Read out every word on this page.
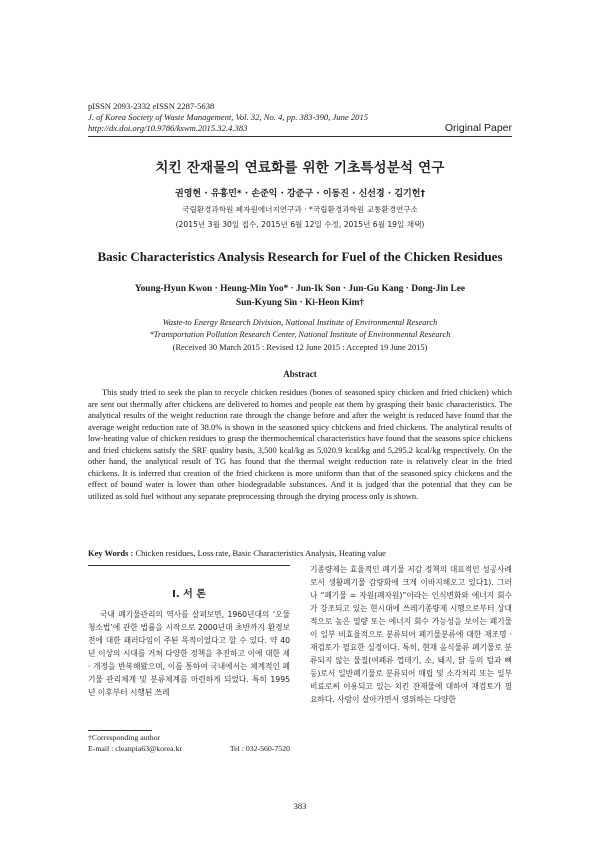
pISSN 2093-2332 eISSN 2287-5638
J. of Korea Society of Waste Management, Vol. 32, No. 4, pp. 383-390, June 2015
http://dx.doi.org/10.9786/kswm.2015.32.4.383	Original Paper
치킨 잔재물의 연료화를 위한 기초특성분석 연구
권영현 · 유흥민* · 손준익 · 강준구 · 이동진 · 신선경 · 김기헌†
국립환경과학원 폐자원에너지연구과 · *국립환경과학원 교통환경연구소
(2015년 3월 30일 접수, 2015년 6월 12일 수정, 2015년 6월 19일 채택)
Basic Characteristics Analysis Research for Fuel of the Chicken Residues
Young-Hyun Kwon · Heung-Min Yoo* · Jun-Ik Son · Jun-Gu Kang · Dong-Jin Lee
Sun-Kyung Sin · Ki-Heon Kim†
Waste-to Energy Research Division, National Institute of Environmental Research
*Transportation Pollution Research Center, National Institute of Environmental Research
(Received 30 March 2015 : Revised 12 June 2015 : Accepted 19 June 2015)
Abstract

This study tried to seek the plan to recycle chicken residues (bones of seasoned spicy chicken and fried chicken) which are sent out thermally after chickens are delivered to homes and people eat them by grasping their basic characteristics. The analytical results of the weight reduction rate through the change before and after the weight is reduced have found that the average weight reduction rate of 38.0% is shown in the seasoned spicy chickens and fried chickens. The analytical results of low-heating value of chicken residues to grasp the thermochemical characteristics have found that the seasons spice chickens and fried chickens satisfy the SRF quality basis, 3,500 kcal/kg as 5,020.9 kcal/kg and 5,295.2 kcal/kg respectively. On the other hand, the analytical result of TG has found that the thermal weight reduction rate is relatively clear in the fried chickens. It is inferred that creation of the fried chickens is more uniform than that of the seasoned spicy chickens and the effect of bound water is lower than other biodegradable substances. And it is judged that the potential that they can be utilized as sold fuel without any separate preprocessing through the drying process only is shown.

Key Words : Chicken residues, Loss rate, Basic Characteristics Analysis, Heating value
I. 서 론

국내 폐기물관리의 역사를 살펴보면, 1960년대의 ‘오물청소법’에 관한 법률을 시작으로 2000년대 초반까지 환경보전에 대한 패러다임이 주된 목적이었다고 할 수 있다. 약 40년 이상의 시대를 거쳐 다양한 정책을 추진하고 이에 대한 제 · 개정을 반복해왔으며, 이를 통하여 국내에서는 체계적인 폐기물 관리체계 및 분류체계를 마련하게 되었다. 특히 1995년 이후부터 시행된 쓰레

기종량제는 효율적인 폐기물 저감 정책의 대표적인 성공사례로서 생활폐기물 감량화에 크게 이바지해오고 있다1). 그러나 “폐기물 = 자원(폐자원)”이라는 인식변화와 에너지 회수가 강조되고 있는 현시대에 쓰레기종량제 시행으로부터 상대적으로 높은 열량 또는 에너지 회수 가능성을 보이는 폐기물이 일부 비효율적으로 분류되어 폐기물분류에 대한 재조명 · 재검토가 필요한 실정이다. 특히, 현재 음식물류 폐기물로 분류되지 않는 물질(여폐류 껍데기, 소, 돼지, 닭 등의 털과 뼈 등)로서 일반폐기물로 분류되어 매립 및 소각처리 또는 일부 비료로써 이용되고 있는 치킨 잔재물에 대하여 재검토가 필요하다. 사람이 살아가면서 영위하는 다양한

†Corresponding author
E-mail : cleanpia63@korea.kr	Tel : 032-560-7520
383
